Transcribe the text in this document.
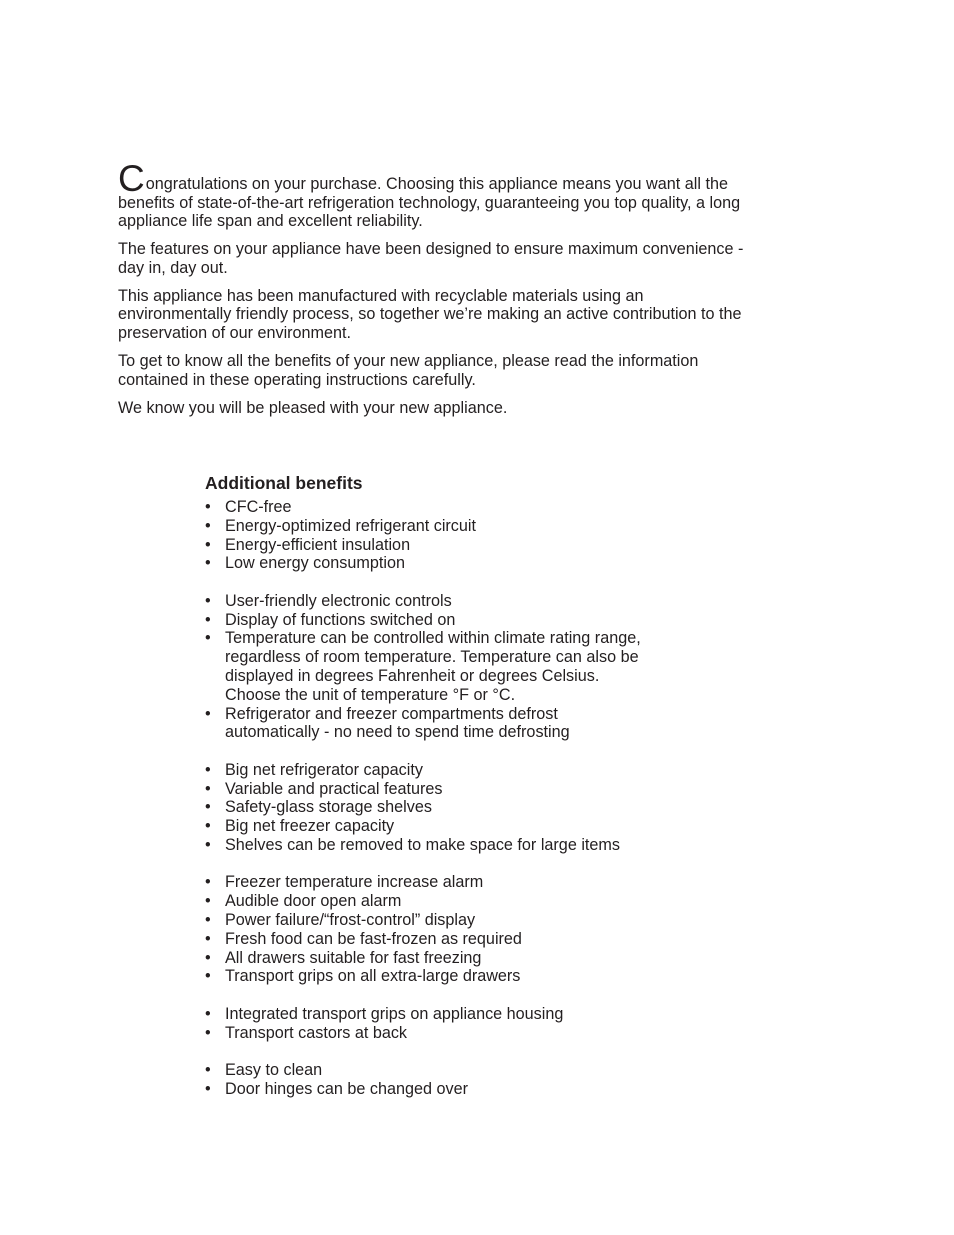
Congratulations on your purchase. Choosing this appliance means you want all the benefits of state-of-the-art refrigeration technology, guaranteeing you top quality, a long appliance life span and excellent reliability.

The features on your appliance have been designed to ensure maximum convenience - day in, day out.

This appliance has been manufactured with recyclable materials using an environmentally friendly process, so together we’re making an active contribution to the preservation of our environment.

To get to know all the benefits of your new appliance, please read the information contained in these operating instructions carefully.

We know you will be pleased with your new appliance.

Additional benefits
• CFC-free
• Energy-optimized refrigerant circuit
• Energy-efficient insulation
• Low energy consumption
• User-friendly electronic controls
• Display of functions switched on
• Temperature can be controlled within climate rating range, regardless of room temperature. Temperature can also be displayed in degrees Fahrenheit or degrees Celsius. Choose the unit of temperature °F or °C.
• Refrigerator and freezer compartments defrost automatically - no need to spend time defrosting
• Big net refrigerator capacity
• Variable and practical features
• Safety-glass storage shelves
• Big net freezer capacity
• Shelves can be removed to make space for large items
• Freezer temperature increase alarm
• Audible door open alarm
• Power failure/“frost-control” display
• Fresh food can be fast-frozen as required
• All drawers suitable for fast freezing
• Transport grips on all extra-large drawers
• Integrated transport grips on appliance housing
• Transport castors at back
• Easy to clean
• Door hinges can be changed over
